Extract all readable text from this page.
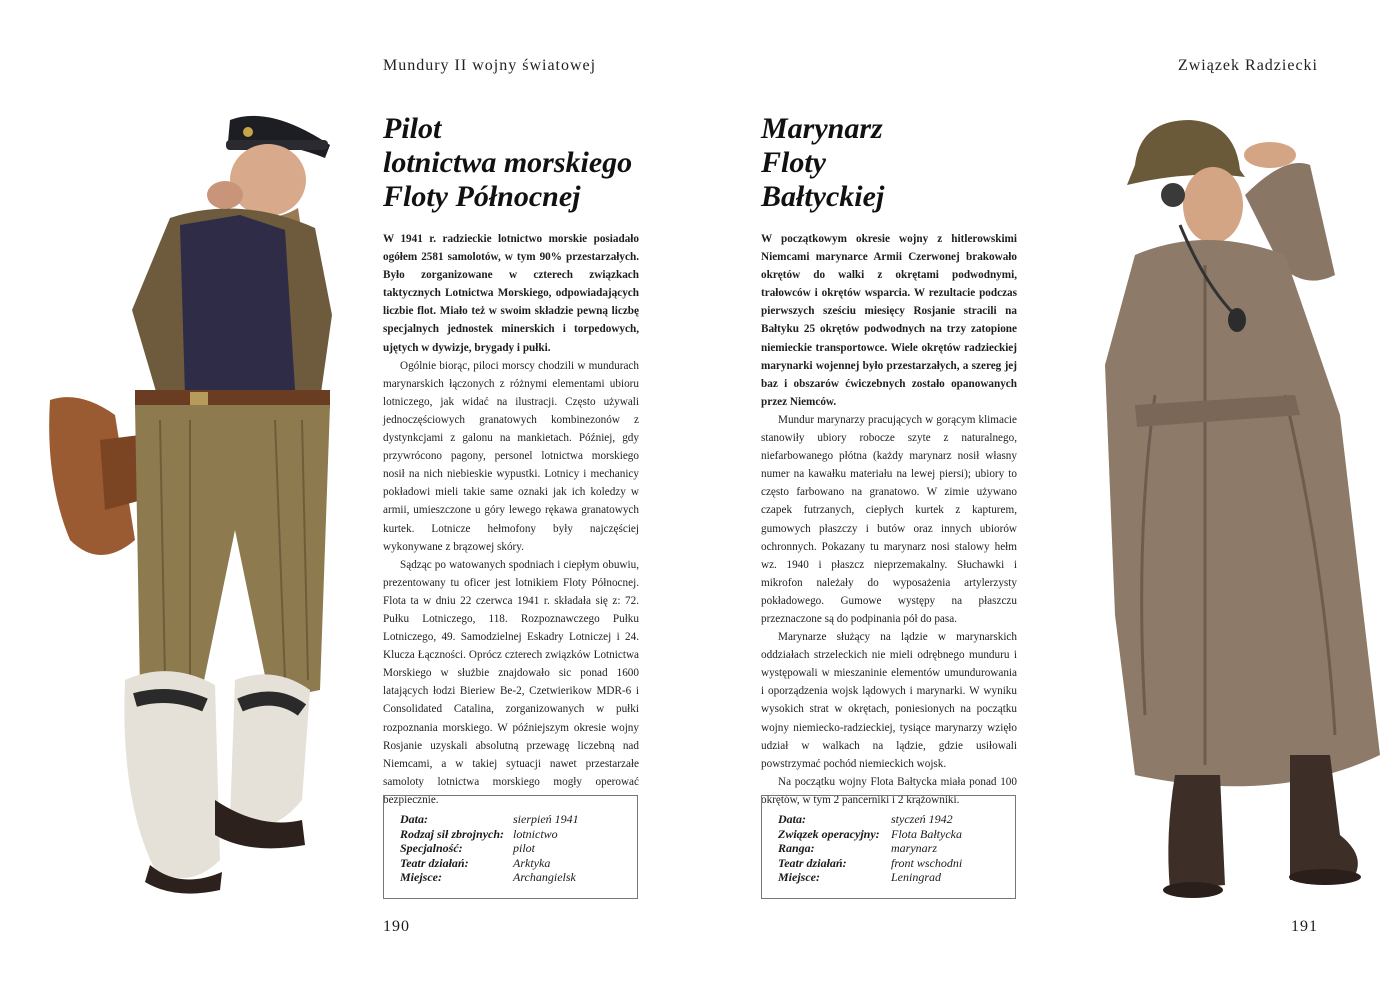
Mundury II wojny światowej
Pilot
lotnictwa morskiego
Floty Północnej

W 1941 r. radzieckie lotnictwo morskie posiadało ogółem 2581 samolotów, w tym 90% przestarzałych. Było zorganizowane w czterech związkach taktycznych Lotnictwa Morskiego, odpowiadających liczbie flot. Miało też w swoim składzie pewną liczbę specjalnych jednostek minerskich i torpedowych, ujętych w dywizje, brygady i pułki.

Ogólnie biorąc, piloci morscy chodzili w mundurach marynarskich łączonych z różnymi elementami ubioru lotniczego, jak widać na ilustracji. Często używali jednoczęściowych granatowych kombinezonów z dystynkcjami z galonu na mankietach. Później, gdy przywrócono pagony, personel lotnictwa morskiego nosił na nich niebieskie wypustki. Lotnicy i mechanicy pokładowi mieli takie same oznaki jak ich koledzy w armii, umieszczone u góry lewego rękawa granatowych kurtek. Lotnicze hełmofony były najczęściej wykonywane z brązowej skóry.

Sądząc po watowanych spodniach i ciepłym obuwiu, prezentowany tu oficer jest lotnikiem Floty Północnej. Flota ta w dniu 22 czerwca 1941 r. składała się z: 72. Pułku Lotniczego, 118. Rozpoznawczego Pułku Lotniczego, 49. Samodzielnej Eskadry Lotniczej i 24. Klucza Łączności. Oprócz czterech związków Lotnictwa Morskiego w służbie znajdowało sic ponad 1600 latających łodzi Bieriew Be-2, Czetwierikow MDR-6 i Consolidated Catalina, zorganizowanych w pułki rozpoznania morskiego. W późniejszym okresie wojny Rosjanie uzyskali absolutną przewagę liczebną nad Niemcami, a w takiej sytuacji nawet przestarzałe samoloty lotnictwa morskiego mogły operować bezpiecznie.

Data:	sierpień 1941
Rodzaj sił zbrojnych: lotnictwo
Specjalność:	pilot
Teatr działań:	Arktyka
Miejsce:	Archangielsk
190
Związek Radziecki
Marynarz
Floty
Bałtyckiej

W początkowym okresie wojny z hitlerowskimi Niemcami marynarce Armii Czerwonej brakowało okrętów do walki z okrętami podwodnymi, trałowców i okrętów wsparcia. W rezultacie podczas pierwszych sześciu miesięcy Rosjanie stracili na Bałtyku 25 okrętów podwodnych na trzy zatopione niemieckie transportowce. Wiele okrętów radzieckiej marynarki wojennej było przestarzałych, a szereg jej baz i obszarów ćwiczebnych zostało opanowanych przez Niemców.

Mundur marynarzy pracujących w gorącym klimacie stanowiły ubiory robocze szyte z naturalnego, niefarbowanego płótna (każdy marynarz nosił własny numer na kawałku materiału na lewej piersi); ubiory to często farbowano na granatowo. W zimie używano czapek futrzanych, ciepłych kurtek z kapturem, gumowych płaszczy i butów oraz innych ubiorów ochronnych. Pokazany tu marynarz nosi stalowy hełm wz. 1940 i płaszcz nieprzemakalny. Słuchawki i mikrofon należały do wyposażenia artylerzysty pokładowego. Gumowe występy na płaszczu przeznaczone są do podpinania pół do pasa.

Marynarze służący na lądzie w marynarskich oddziałach strzeleckich nie mieli odrębnego munduru i występowali w mieszaninie elementów umundurowania i oporządzenia wojsk lądowych i marynarki. W wyniku wysokich strat w okrętach, poniesionych na początku wojny niemiecko-radzieckiej, tysiące marynarzy wzięło udział w walkach na lądzie, gdzie usiłowali powstrzymać pochód niemieckich wojsk.

Na początku wojny Flota Bałtycka miała ponad 100 okrętów, w tym 2 pancerniki i 2 krążowniki.

Data:	styczeń 1942
Związek operacyjny: Flota Bałtycka
Ranga:	marynarz
Teatr działań:	front wschodni
Miejsce:	Leningrad
191
